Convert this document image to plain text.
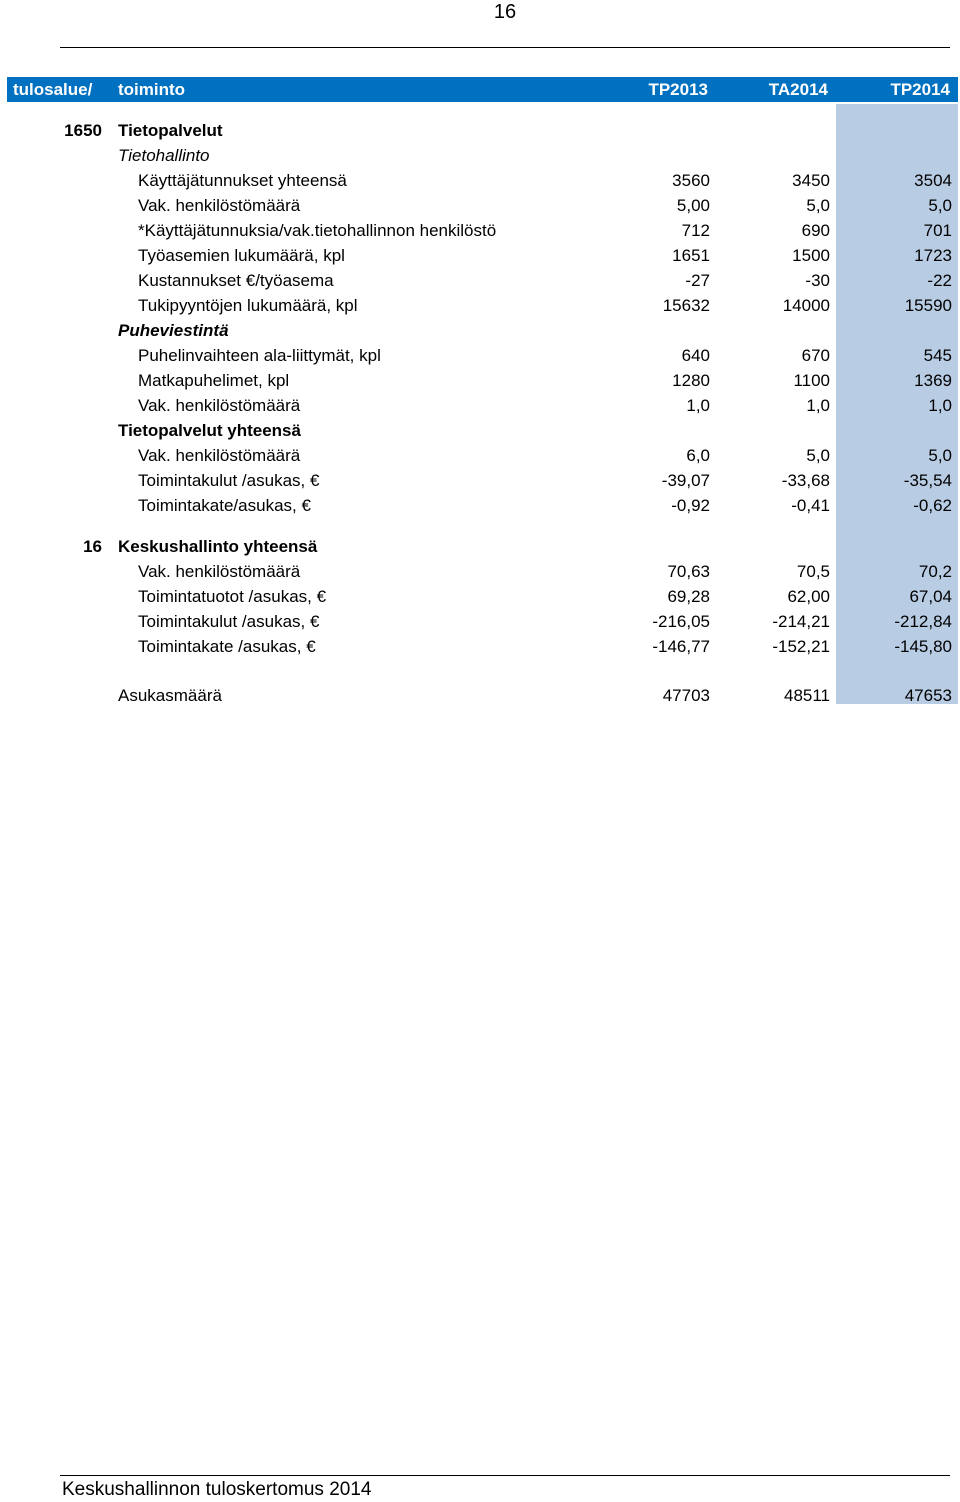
16
tulosalue/ toiminto	TP2013	TA2014	TP2014
1650 Tietopalvelut
Tietohallinto
Käyttäjätunnukset yhteensä	3560	3450	3504
Vak. henkilöstömäärä	5,00	5,0	5,0
*Käyttäjätunnuksia/vak.tietohallinnon henkilöstö	712	690	701
Työasemien lukumäärä, kpl	1651	1500	1723
Kustannukset €/työasema	-27	-30	-22
Tukipyyntöjen lukumäärä, kpl	15632	14000	15590
Puheviestintä
Puhelinvaihteen ala-liittymät, kpl	640	670	545
Matkapuhelimet, kpl	1280	1100	1369
Vak. henkilöstömäärä	1,0	1,0	1,0
Tietopalvelut yhteensä
Vak. henkilöstömäärä	6,0	5,0	5,0
Toimintakulut /asukas, €	-39,07	-33,68	-35,54
Toimintakate/asukas, €	-0,92	-0,41	-0,62
16 Keskushallinto yhteensä
Vak. henkilöstömäärä	70,63	70,5	70,2
Toimintatuotot /asukas, €	69,28	62,00	67,04
Toimintakulut /asukas, €	-216,05	-214,21	-212,84
Toimintakate /asukas, €	-146,77	-152,21	-145,80
Asukasmäärä	47703	48511	47653
Keskushallinnon tuloskertomus 2014
